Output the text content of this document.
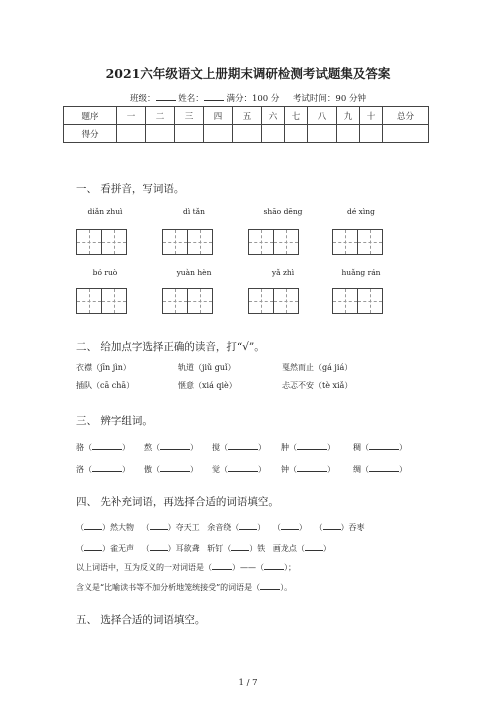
2021六年级语文上册期末调研检测考试题集及答案
班级：	姓名：	满分：100 分 考试时间：90 分钟
题序	一	二	三	四	五	六	七	八	九	十	总分
得分											
一、 看拼音，写词语。
diǎn zhuì	dì tǎn	shāo dēng	dé xìng
bó ruò	yuàn hèn	yǎ zhì	huǎng rán
二、 给加点字选择正确的读音，打“√”。
衣襟（jīn jìn）	轨道（jiǔ guǐ）	戛然而止（gá jiá）
插队（cā chā）	惬意（xiá qiè）	忐忑不安（tè xiǎ）
三、 辨字组词。
骆（	） 熬（	） 搅（	） 肿（	） 稠（	）
洛（	） 傲（	） 觉（	） 钟（	） 绸（	）
四、 先补充词语，再选择合适的词语填空。
（ ）然大物 （ ）夺天工 余音绕（ ） （ ） （ ）吞枣
（ ）雀无声 （ ）耳欲聋 斩钉（ ）铁 画龙点（ ）
以上词语中，互为反义的一对词语是（	）——（	）；
含义是“比喻读书等不加分析地笼统接受”的词语是（	）。
五、 选择合适的词语填空。
1 / 7
